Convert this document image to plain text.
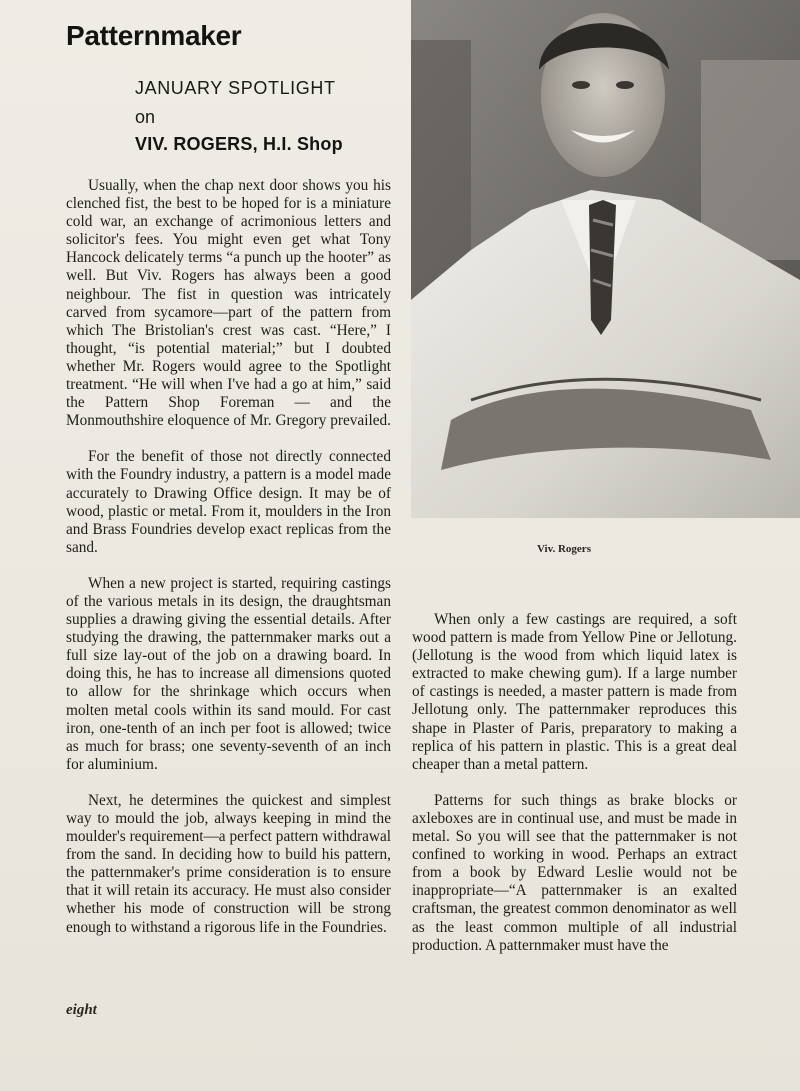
Patternmaker
JANUARY SPOTLIGHT
on
VIV. ROGERS, H.I. Shop

Usually, when the chap next door shows you his clenched fist, the best to be hoped for is a miniature cold war, an exchange of acrimonious letters and solicitor's fees. You might even get what Tony Hancock delicately terms “a punch up the hooter” as well. But Viv. Rogers has always been a good neighbour. The fist in question was intricately carved from sycamore—part of the pattern from which The Bristolian's crest was cast. “Here,” I thought, “is potential material;” but I doubted whether Mr. Rogers would agree to the Spotlight treatment. “He will when I've had a go at him,” said the Pattern Shop Foreman — and the Monmouthshire eloquence of Mr. Gregory prevailed.

For the benefit of those not directly connected with the Foundry industry, a pattern is a model made accurately to Drawing Office design. It may be of wood, plastic or metal. From it, moulders in the Iron and Brass Foundries develop exact replicas from the sand.

When a new project is started, requiring castings of the various metals in its design, the draughtsman supplies a drawing giving the essential details. After studying the drawing, the patternmaker marks out a full size lay-out of the job on a drawing board. In doing this, he has to increase all dimensions quoted to allow for the shrinkage which occurs when molten metal cools within its sand mould. For cast iron, one-tenth of an inch per foot is allowed; twice as much for brass; one seventy-seventh of an inch for aluminium.

Next, he determines the quickest and simplest way to mould the job, always keeping in mind the moulder's requirement—a perfect pattern withdrawal from the sand. In deciding how to build his pattern, the patternmaker's prime consideration is to ensure that it will retain its accuracy. He must also consider whether his mode of construction will be strong enough to withstand a rigorous life in the Foundries.

Viv. Rogers

When only a few castings are required, a soft wood pattern is made from Yellow Pine or Jellotung. (Jellotung is the wood from which liquid latex is extracted to make chewing gum). If a large number of castings is needed, a master pattern is made from Jellotung only. The patternmaker reproduces this shape in Plaster of Paris, preparatory to making a replica of his pattern in plastic. This is a great deal cheaper than a metal pattern.

Patterns for such things as brake blocks or axleboxes are in continual use, and must be made in metal. So you will see that the patternmaker is not confined to working in wood. Perhaps an extract from a book by Edward Leslie would not be inappropriate—“A patternmaker is an exalted craftsman, the greatest common denominator as well as the least common multiple of all industrial production. A patternmaker must have the

eight
